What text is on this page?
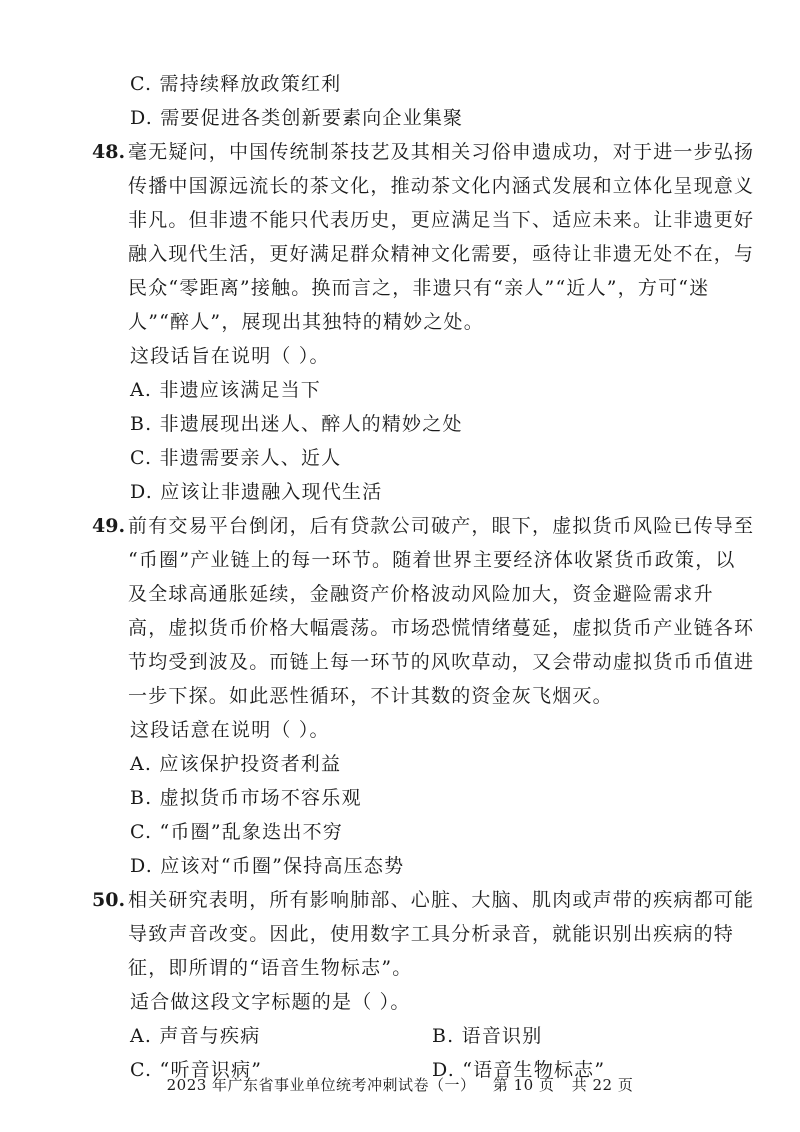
C. 需持续释放政策红利
D. 需要促进各类创新要素向企业集聚
48. 毫无疑问，中国传统制茶技艺及其相关习俗申遗成功，对于进一步弘扬
传播中国源远流长的茶文化，推动茶文化内涵式发展和立体化呈现意义
非凡。但非遗不能只代表历史，更应满足当下、适应未来。让非遗更好
融入现代生活，更好满足群众精神文化需要，亟待让非遗无处不在，与
民众“零距离”接触。换而言之，非遗只有“亲人”“近人”，方可“迷
人”“醉人”，展现出其独特的精妙之处。
这段话旨在说明（ ）。
A. 非遗应该满足当下
B. 非遗展现出迷人、醉人的精妙之处
C. 非遗需要亲人、近人
D. 应该让非遗融入现代生活
49. 前有交易平台倒闭，后有贷款公司破产，眼下，虚拟货币风险已传导至
“币圈”产业链上的每一环节。随着世界主要经济体收紧货币政策，以
及全球高通胀延续，金融资产价格波动风险加大，资金避险需求升
高，虚拟货币价格大幅震荡。市场恐慌情绪蔓延，虚拟货币产业链各环
节均受到波及。而链上每一环节的风吹草动，又会带动虚拟货币币值进
一步下探。如此恶性循环，不计其数的资金灰飞烟灭。
这段话意在说明（ ）。
A. 应该保护投资者利益
B. 虚拟货币市场不容乐观
C. “币圈”乱象迭出不穷
D. 应该对“币圈”保持高压态势
50. 相关研究表明，所有影响肺部、心脏、大脑、肌肉或声带的疾病都可能
导致声音改变。因此，使用数字工具分析录音，就能识别出疾病的特
征，即所谓的“语音生物标志”。
适合做这段文字标题的是（ ）。
A. 声音与疾病	B. 语音识别
C. “听音识病”	D. “语音生物标志”
2023 年广东省事业单位统考冲刺试卷（一） 第 10 页 共 22 页
